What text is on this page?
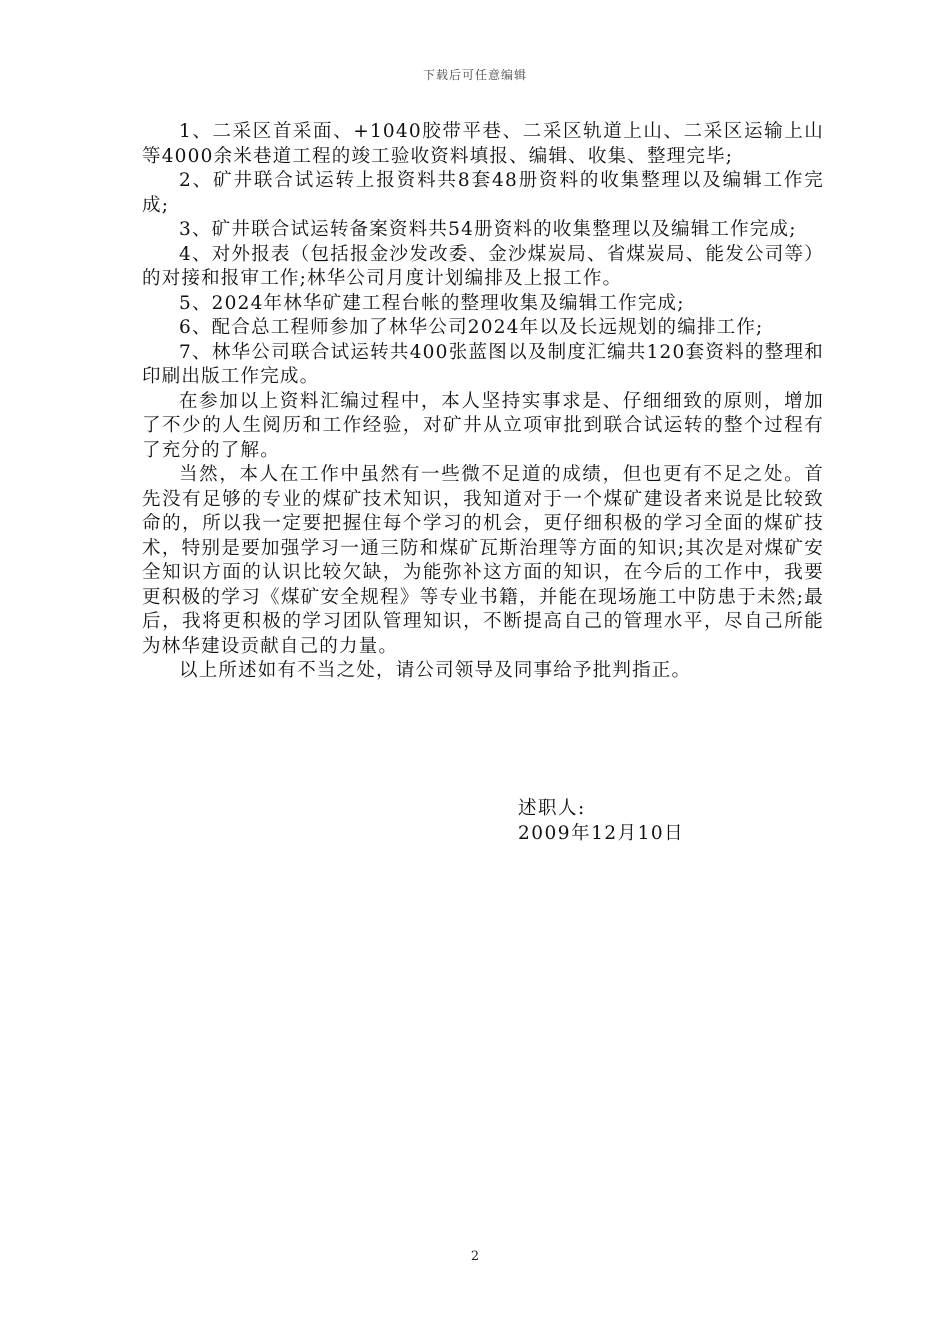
下载后可任意编辑

1、二采区首采面、+1040胶带平巷、二采区轨道上山、二采区运输上山等4000余米巷道工程的竣工验收资料填报、编辑、收集、整理完毕;

2、矿井联合试运转上报资料共8套48册资料的收集整理以及编辑工作完成;

3、矿井联合试运转备案资料共54册资料的收集整理以及编辑工作完成;

4、对外报表（包括报金沙发改委、金沙煤炭局、省煤炭局、能发公司等）的对接和报审工作;林华公司月度计划编排及上报工作。

5、2024年林华矿建工程台帐的整理收集及编辑工作完成;

6、配合总工程师参加了林华公司2024年以及长远规划的编排工作;

7、林华公司联合试运转共400张蓝图以及制度汇编共120套资料的整理和印刷出版工作完成。

在参加以上资料汇编过程中，本人坚持实事求是、仔细细致的原则，增加了不少的人生阅历和工作经验，对矿井从立项审批到联合试运转的整个过程有了充分的了解。

当然，本人在工作中虽然有一些微不足道的成绩，但也更有不足之处。首先没有足够的专业的煤矿技术知识，我知道对于一个煤矿建设者来说是比较致命的，所以我一定要把握住每个学习的机会，更仔细积极的学习全面的煤矿技术，特别是要加强学习一通三防和煤矿瓦斯治理等方面的知识;其次是对煤矿安全知识方面的认识比较欠缺，为能弥补这方面的知识，在今后的工作中，我要更积极的学习《煤矿安全规程》等专业书籍，并能在现场施工中防患于未然;最后，我将更积极的学习团队管理知识，不断提高自己的管理水平，尽自己所能为林华建设贡献自己的力量。

以上所述如有不当之处，请公司领导及同事给予批判指正。

述职人:
2009年12月10日
2
